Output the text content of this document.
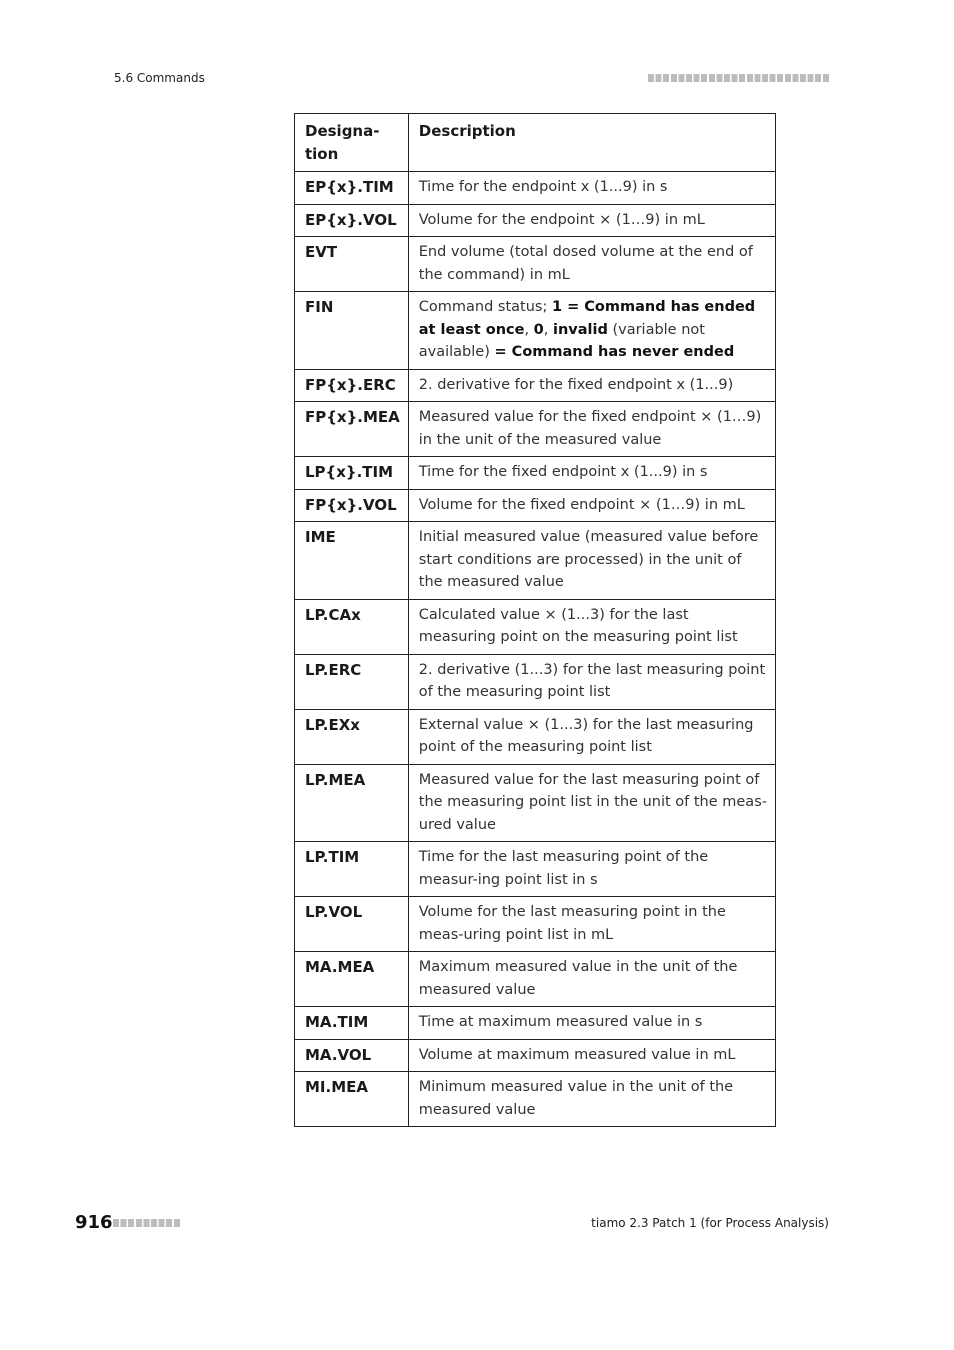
5.6 Commands
Designa-
tion	Description
EP{x}.TIM	Time for the endpoint x (1...9) in s
EP{x}.VOL	Volume for the endpoint × (1…9) in mL
EVT	End volume (total dosed volume at the end of the command) in mL
FIN	Command status; 1 = Command has ended at least once, 0, invalid (variable not available) = Command has never ended
FP{x}.ERC	2. derivative for the fixed endpoint x (1...9)
FP{x}.MEA	Measured value for the fixed endpoint × (1…9) in the unit of the measured value
LP{x}.TIM	Time for the fixed endpoint x (1...9) in s
FP{x}.VOL	Volume for the fixed endpoint × (1…9) in mL
IME	Initial measured value (measured value before start conditions are processed) in the unit of the measured value
LP.CAx	Calculated value × (1...3) for the last measuring point on the measuring point list
LP.ERC	2. derivative (1...3) for the last measuring point of the measuring point list
LP.EXx	External value × (1...3) for the last measuring point of the measuring point list
LP.MEA	Measured value for the last measuring point of the measuring point list in the unit of the meas-ured value
LP.TIM	Time for the last measuring point of the measur-ing point list in s
LP.VOL	Volume for the last measuring point in the meas-uring point list in mL
MA.MEA	Maximum measured value in the unit of the measured value
MA.TIM	Time at maximum measured value in s
MA.VOL	Volume at maximum measured value in mL
MI.MEA	Minimum measured value in the unit of the measured value
916	tiamo 2.3 Patch 1 (for Process Analysis)
